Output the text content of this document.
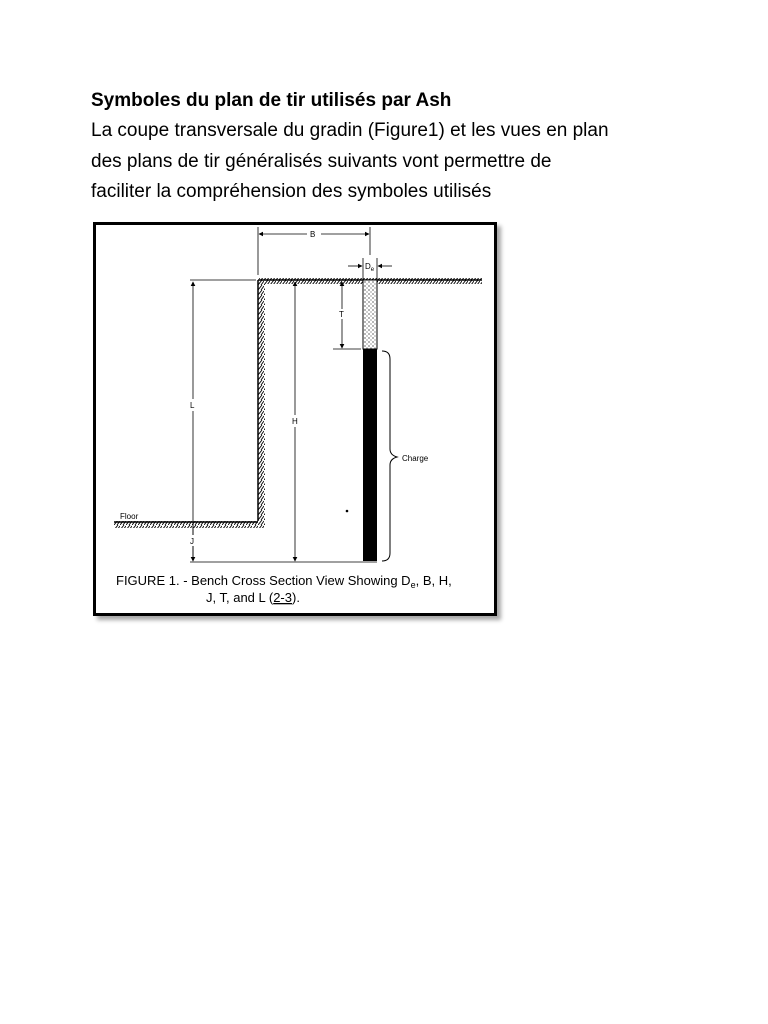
Symboles du plan de tir utilisés par Ash
La coupe transversale du gradin (Figure1) et les vues en plan
des plans de tir généralisés suivants vont permettre de
faciliter la compréhension des symboles utilisés
B
$D_e$
T
L
H
J
Floor
Charge
FIGURE 1. - Bench Cross Section View Showing $D_e$, B, H,
J, T, and L (2-3).
